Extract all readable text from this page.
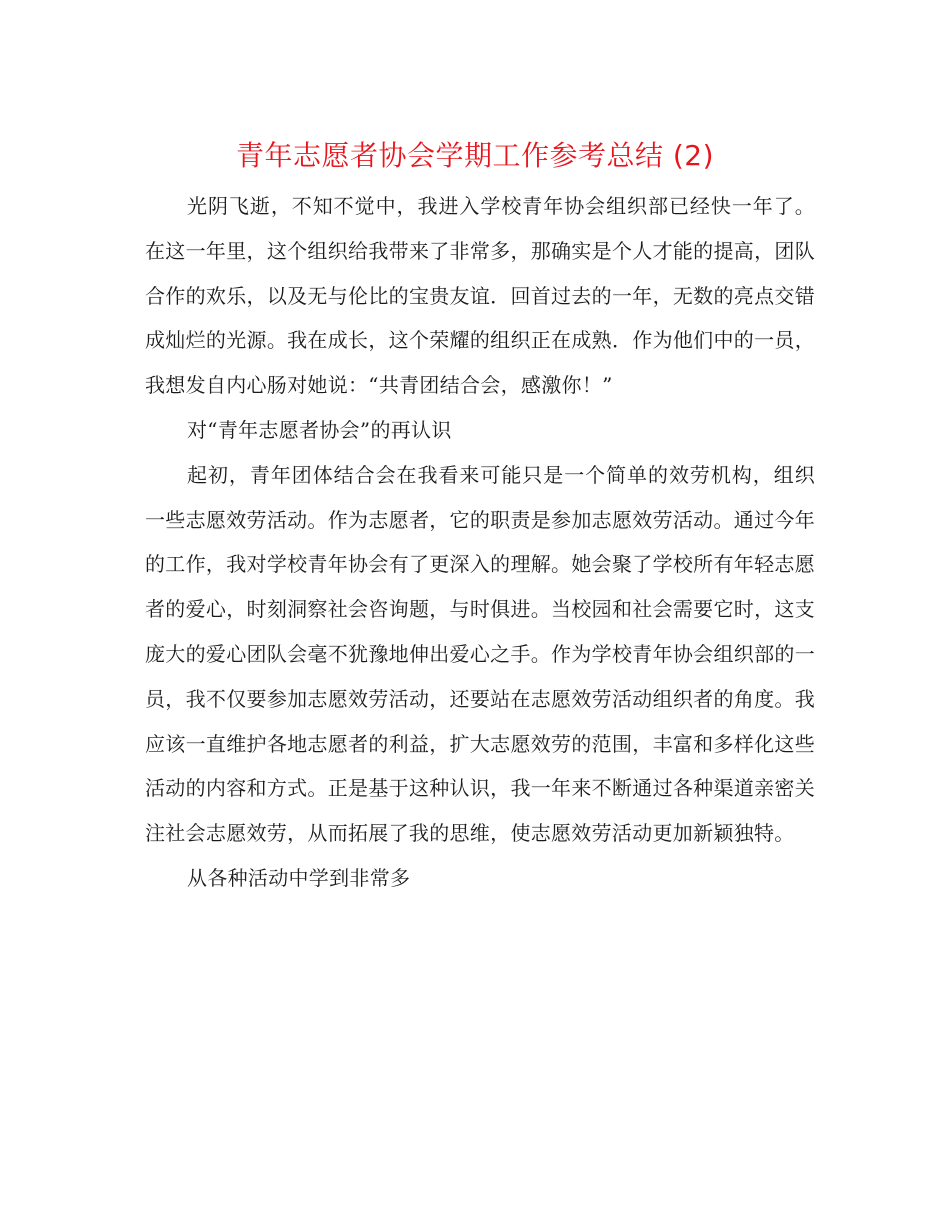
青年志愿者协会学期工作参考总结 (2)

光阴飞逝，不知不觉中，我进入学校青年协会组织部已经快一年了。在这一年里，这个组织给我带来了非常多，那确实是个人才能的提高，团队合作的欢乐，以及无与伦比的宝贵友谊．回首过去的一年，无数的亮点交错成灿烂的光源。我在成长，这个荣耀的组织正在成熟．作为他们中的一员，我想发自内心肠对她说：“共青团结合会，感激你！”

对“青年志愿者协会”的再认识

起初，青年团体结合会在我看来可能只是一个简单的效劳机构，组织一些志愿效劳活动。作为志愿者，它的职责是参加志愿效劳活动。通过今年的工作，我对学校青年协会有了更深入的理解。她会聚了学校所有年轻志愿者的爱心，时刻洞察社会咨询题，与时俱进。当校园和社会需要它时，这支庞大的爱心团队会毫不犹豫地伸出爱心之手。作为学校青年协会组织部的一员，我不仅要参加志愿效劳活动，还要站在志愿效劳活动组织者的角度。我应该一直维护各地志愿者的利益，扩大志愿效劳的范围，丰富和多样化这些活动的内容和方式。正是基于这种认识，我一年来不断通过各种渠道亲密关注社会志愿效劳，从而拓展了我的思维，使志愿效劳活动更加新颖独特。

从各种活动中学到非常多
